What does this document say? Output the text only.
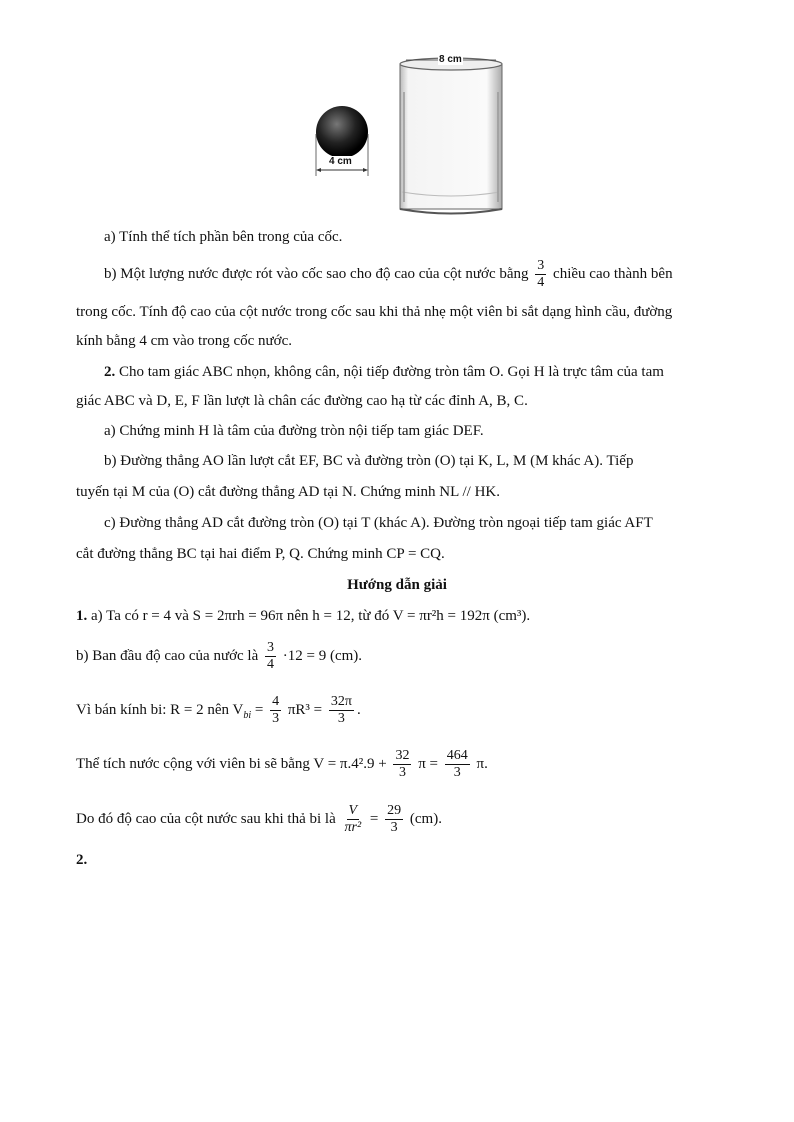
4 cm
8 cm
a) Tính thể tích phần bên trong của cốc.
b) Một lượng nước được rót vào cốc sao cho độ cao của cột nước bằng $\frac{3}{4}$ chiều cao thành bên
trong cốc. Tính độ cao của cột nước trong cốc sau khi thả nhẹ một viên bi sắt dạng hình cầu, đường
kính bằng 4 cm vào trong cốc nước.
2. Cho tam giác ABC nhọn, không cân, nội tiếp đường tròn tâm O. Gọi H là trực tâm của tam
giác ABC và D, E, F lần lượt là chân các đường cao hạ từ các đỉnh A, B, C.
a) Chứng minh H là tâm của đường tròn nội tiếp tam giác DEF.
b) Đường thẳng AO lần lượt cắt EF, BC và đường tròn (O) tại K, L, M (M khác A). Tiếp
tuyến tại M của (O) cắt đường thẳng AD tại N. Chứng minh NL // HK.
c) Đường thẳng AD cắt đường tròn (O) tại T (khác A). Đường tròn ngoại tiếp tam giác AFT
cắt đường thẳng BC tại hai điểm P, Q. Chứng minh CP = CQ.
Hướng dẫn giải
1. a) Ta có r = 4 và S = 2πrh = 96π nên h = 12, từ đó V = πr²h = 192π (cm³).
b) Ban đầu độ cao của nước là $\frac{3}{4} \cdot 12 = 9$ (cm).
Vì bán kính bi: R = 2 nên $V_{bi} = \frac{4}{3} \pi R^3 = \frac{32\pi}{3}$ .
Thể tích nước cộng với viên bi sẽ bằng $V = \pi.4^2.9 + \frac{32}{3}$ $\pi = \frac{464}{3} \pi$.
Do đó độ cao của cột nước sau khi thả bi là $\frac{V}{\text{πr²}} = \frac{29}{3} (cm)$.
2.
